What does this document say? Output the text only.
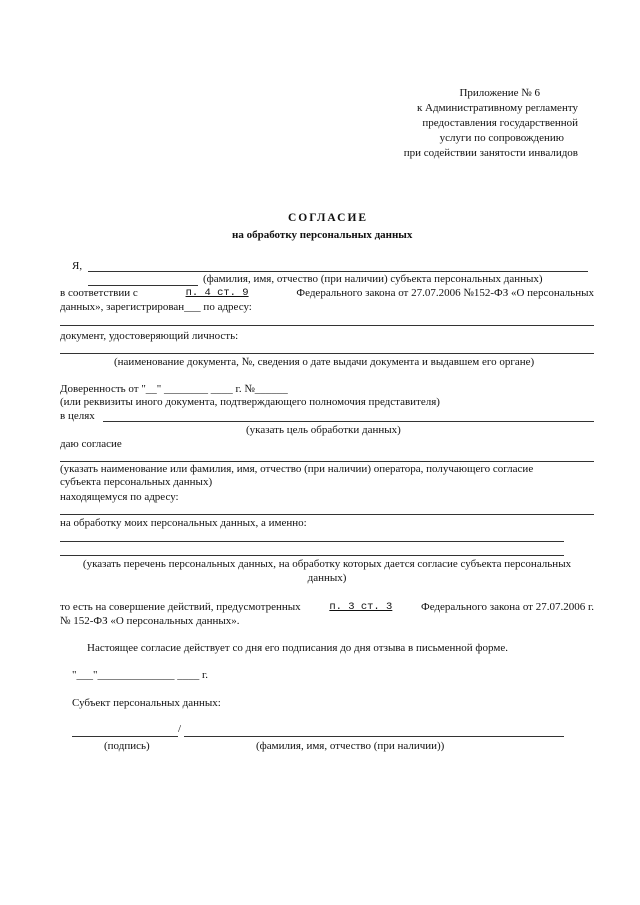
Приложение № 6
к Административному регламенту
предоставления государственной
услуги по сопровождению
при содействии занятости инвалидов
СОГЛАСИЕ
на обработку персональных данных
Я,
(фамилия, имя, отчество (при наличии) субъекта персональных данных)
в соответствии с	п. 4 ст. 9	Федерального закона от 27.07.2006 №152-ФЗ «О персональных
данных», зарегистрирован___ по адресу:
документ, удостоверяющий личность:
(наименование документа, №, сведения о дате выдачи документа и выдавшем его органе)
Доверенность от "__" ________ ____ г. №______
(или реквизиты иного документа, подтверждающего полномочия представителя)
в целях
(указать цель обработки данных)
даю согласие
(указать наименование или фамилия, имя, отчество (при наличии) оператора, получающего согласие
субъекта персональных данных)
находящемуся по адресу:
на обработку моих персональных данных, а именно:
(указать перечень персональных данных, на обработку которых дается согласие субъекта персональных
данных)
то есть на совершение действий, предусмотренных	п. 3 ст. 3	Федерального закона от 27.07.2006 г.
№ 152-ФЗ «О персональных данных».
Настоящее согласие действует со дня его подписания до дня отзыва в письменной форме.
"___"______________ ____ г.
Субъект персональных данных:
/
(подпись)	(фамилия, имя, отчество (при наличии))
